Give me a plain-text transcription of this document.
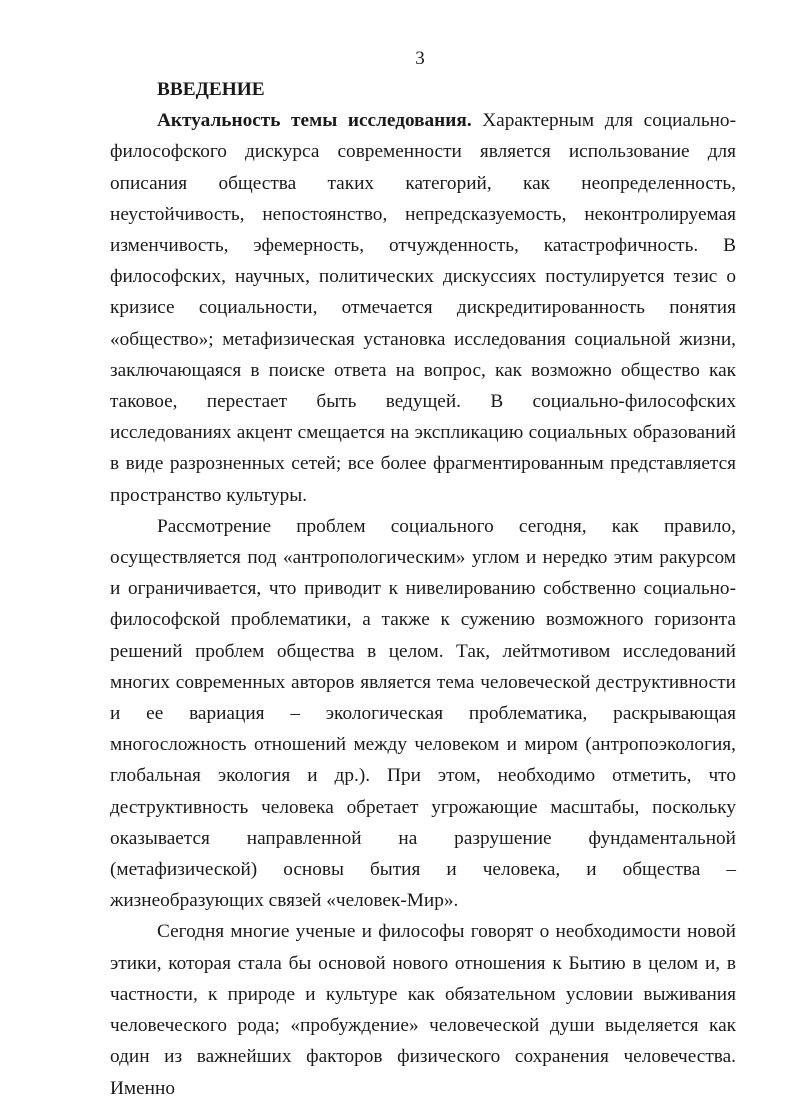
3

ВВЕДЕНИЕ

Актуальность темы исследования. Характерным для социально-философского дискурса современности является использование для описания общества таких категорий, как неопределенность, неустойчивость, непостоянство, непредсказуемость, неконтролируемая изменчивость, эфемерность, отчужденность, катастрофичность. В философских, научных, политических дискуссиях постулируется тезис о кризисе социальности, отмечается дискредитированность понятия «общество»; метафизическая установка исследования социальной жизни, заключающаяся в поиске ответа на вопрос, как возможно общество как таковое, перестает быть ведущей. В социально-философских исследованиях акцент смещается на экспликацию социальных образований в виде разрозненных сетей; все более фрагментированным представляется пространство культуры.

Рассмотрение проблем социального сегодня, как правило, осуществляется под «антропологическим» углом и нередко этим ракурсом и ограничивается, что приводит к нивелированию собственно социально-философской проблематики, а также к сужению возможного горизонта решений проблем общества в целом. Так, лейтмотивом исследований многих современных авторов является тема человеческой деструктивности и ее вариация – экологическая проблематика, раскрывающая многосложность отношений между человеком и миром (антропоэкология, глобальная экология и др.). При этом, необходимо отметить, что деструктивность человека обретает угрожающие масштабы, поскольку оказывается направленной на разрушение фундаментальной (метафизической) основы бытия и человека, и общества – жизнеобразующих связей «человек-Мир».

Сегодня многие ученые и философы говорят о необходимости новой этики, которая стала бы основой нового отношения к Бытию в целом и, в частности, к природе и культуре как обязательном условии выживания человеческого рода; «пробуждение» человеческой души выделяется как один из важнейших факторов физического сохранения человечества. Именно
